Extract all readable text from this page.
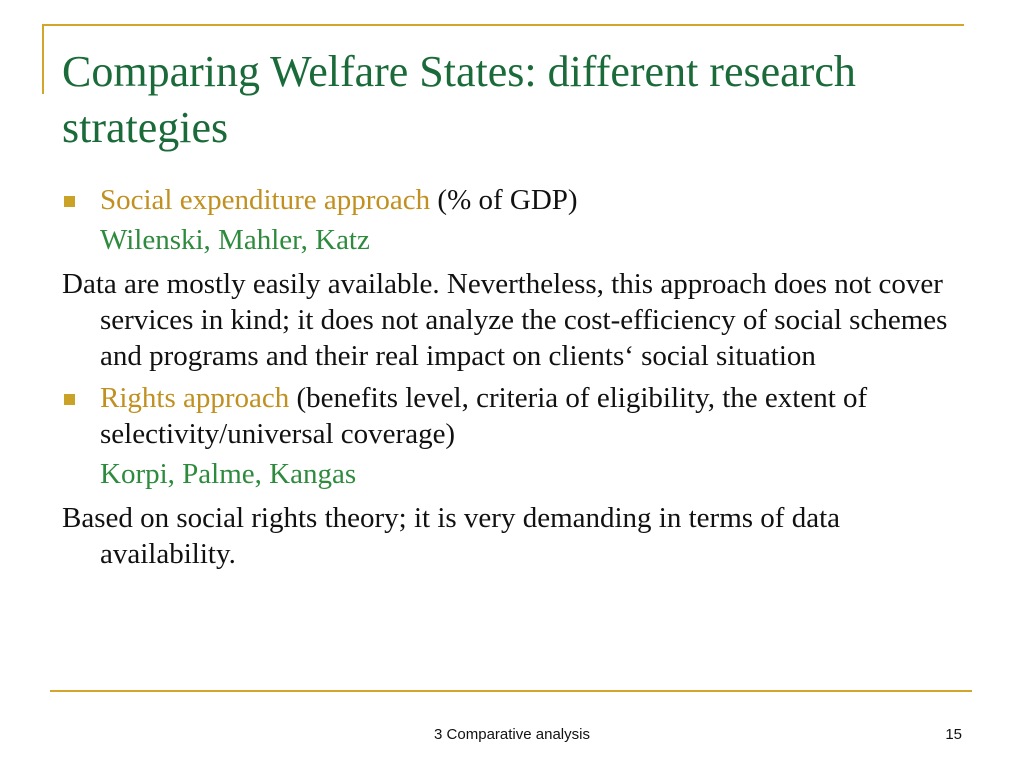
Comparing Welfare States: different research strategies
Social expenditure approach (% of GDP)
Wilenski, Mahler, Katz
Data are mostly easily available. Nevertheless, this approach does not cover services in kind; it does not analyze the cost-efficiency of social schemes and programs and their real impact on clients‘ social situation
Rights approach (benefits level, criteria of eligibility, the extent of selectivity/universal coverage)
Korpi, Palme, Kangas
Based on social rights theory; it is very demanding in terms of data availability.
3 Comparative analysis	15
